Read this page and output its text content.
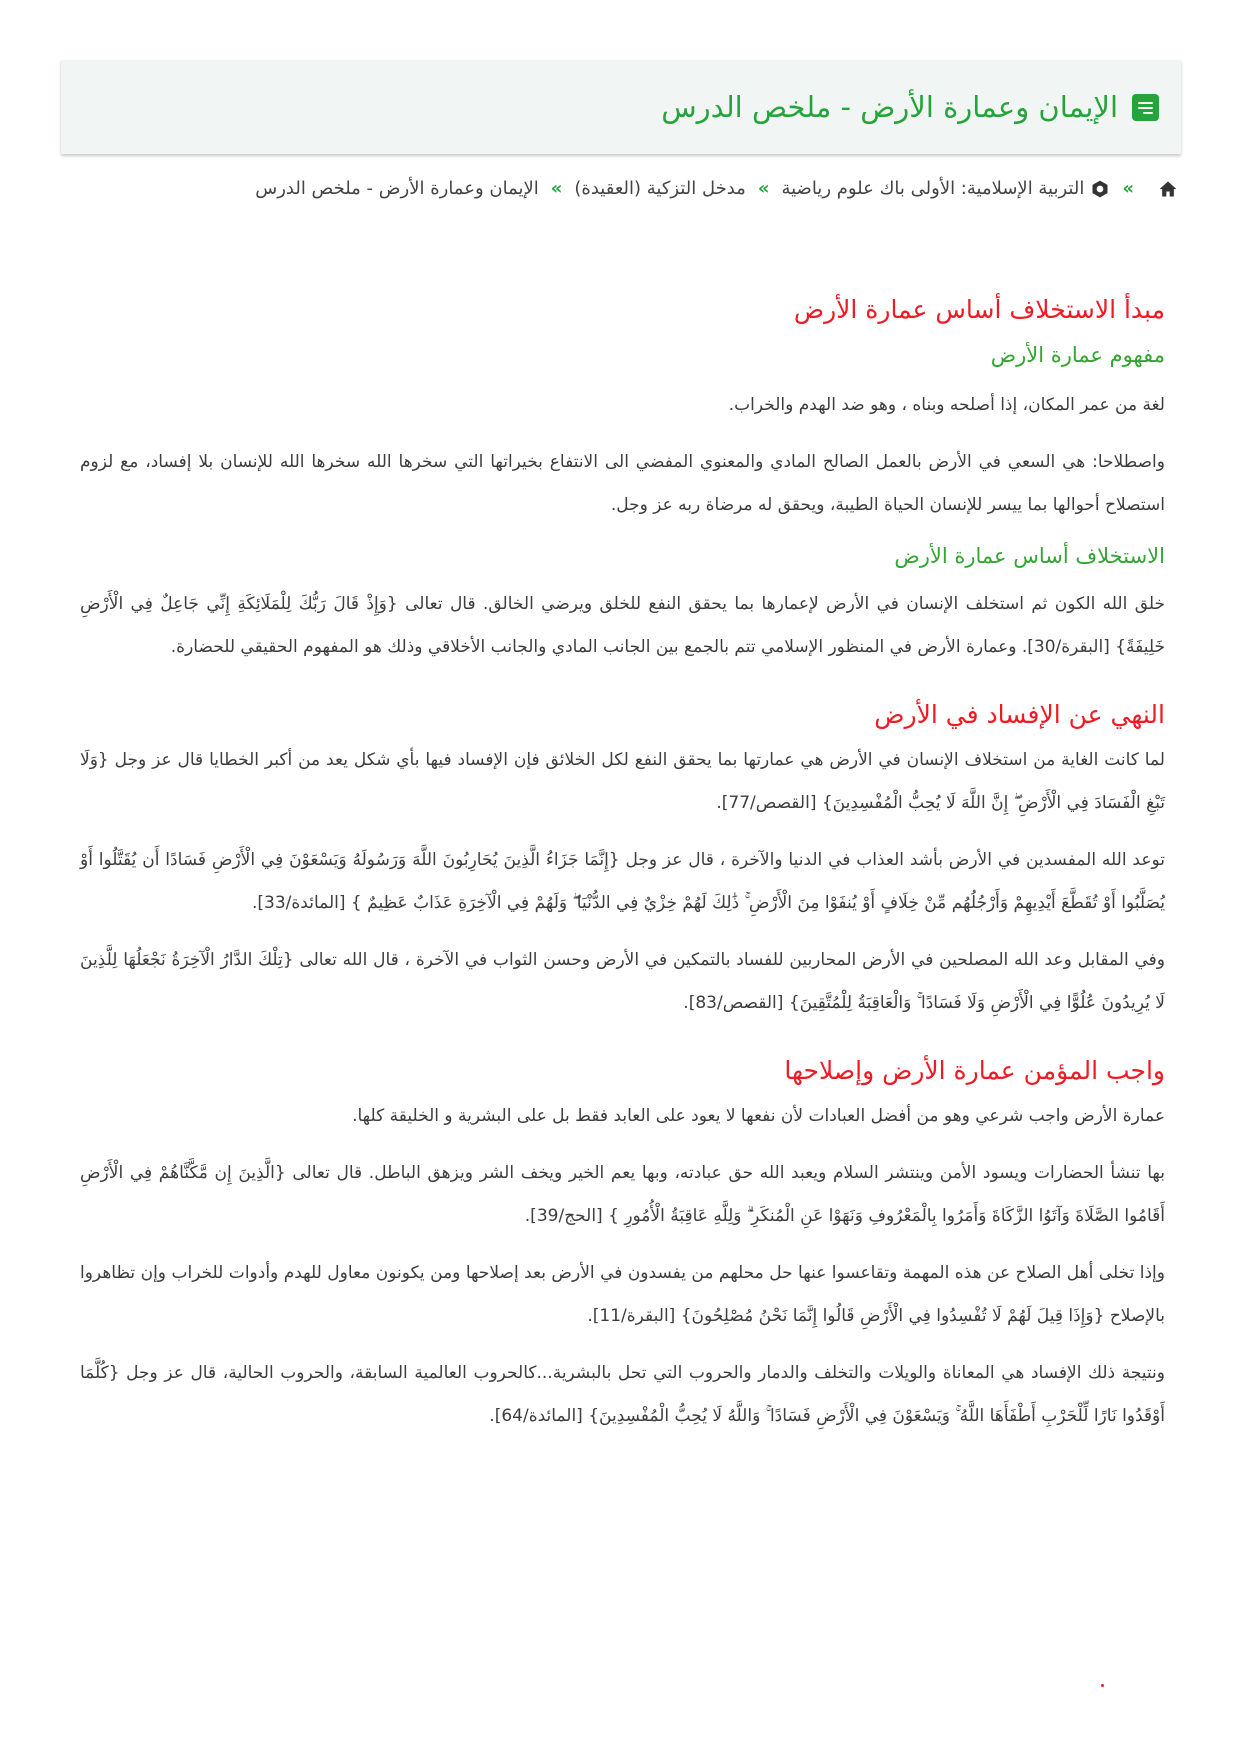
الإيمان وعمارة الأرض - ملخص الدرس
»
التربية الإسلامية: الأولى باك علوم رياضية
»
مدخل التزكية (العقيدة)
»
الإيمان وعمارة الأرض - ملخص الدرس
مبدأ الاستخلاف أساس عمارة الأرض
مفهوم عمارة الأرض

لغة من عمر المكان، إذا أصلحه وبناه ، وهو ضد الهدم والخراب.

واصطلاحا: هي السعي في الأرض بالعمل الصالح المادي والمعنوي المفضي الى الانتفاع بخيراتها التي سخرها الله سخرها الله للإنسان بلا إفساد، مع لزوم استصلاح أحوالها بما ييسر للإنسان الحياة الطيبة، ويحقق له مرضاة ربه عز وجل.

الاستخلاف أساس عمارة الأرض

خلق الله الكون ثم استخلف الإنسان في الأرض لإعمارها بما يحقق النفع للخلق ويرضي الخالق. قال تعالى {وَإِذْ قَالَ رَبُّكَ لِلْمَلَائِكَةِ إِنِّي جَاعِلٌ فِي الْأَرْضِ خَلِيفَةً} [البقرة/30]. وعمارة الأرض في المنظور الإسلامي تتم بالجمع بين الجانب المادي والجانب الأخلاقي وذلك هو المفهوم الحقيقي للحضارة.

النهي عن الإفساد في الأرض

لما كانت الغاية من استخلاف الإنسان في الأرض هي عمارتها بما يحقق النفع لكل الخلائق فإن الإفساد فيها بأي شكل يعد من أكبر الخطايا قال عز وجل {وَلَا تَبْغِ الْفَسَادَ فِي الْأَرْضِ ۖ إِنَّ اللَّهَ لَا يُحِبُّ الْمُفْسِدِينَ} [القصص/77].

توعد الله المفسدين في الأرض بأشد العذاب في الدنيا والآخرة ، قال عز وجل {إِنَّمَا جَزَاءُ الَّذِينَ يُحَارِبُونَ اللَّهَ وَرَسُولَهُ وَيَسْعَوْنَ فِي الْأَرْضِ فَسَادًا أَن يُقَتَّلُوا أَوْ يُصَلَّبُوا أَوْ تُقَطَّعَ أَيْدِيهِمْ وَأَرْجُلُهُم مِّنْ خِلَافٍ أَوْ يُنفَوْا مِنَ الْأَرْضِ ۚ ذَٰلِكَ لَهُمْ خِزْيٌ فِي الدُّنْيَا ۖ وَلَهُمْ فِي الْآخِرَةِ عَذَابٌ عَظِيمٌ } [المائدة/33].

وفي المقابل وعد الله المصلحين في الأرض المحاربين للفساد بالتمكين في الأرض وحسن الثواب في الآخرة ، قال الله تعالى {تِلْكَ الدَّارُ الْآخِرَةُ نَجْعَلُهَا لِلَّذِينَ لَا يُرِيدُونَ عُلُوًّا فِي الْأَرْضِ وَلَا فَسَادًا ۚ وَالْعَاقِبَةُ لِلْمُتَّقِينَ} [القصص/83].

واجب المؤمن عمارة الأرض وإصلاحها

عمارة الأرض واجب شرعي وهو من أفضل العبادات لأن نفعها لا يعود على العابد فقط بل على البشرية و الخليقة كلها.

بها تنشأ الحضارات ويسود الأمن وينتشر السلام ويعبد الله حق عبادته، وبها يعم الخير ويخف الشر ويزهق الباطل. قال تعالى {الَّذِينَ إِن مَّكَّنَّاهُمْ فِي الْأَرْضِ أَقَامُوا الصَّلَاةَ وَآتَوُا الزَّكَاةَ وَأَمَرُوا بِالْمَعْرُوفِ وَنَهَوْا عَنِ الْمُنكَرِ ۗ وَلِلَّهِ عَاقِبَةُ الْأُمُورِ } [الحج/39].

وإذا تخلى أهل الصلاح عن هذه المهمة وتقاعسوا عنها حل محلهم من يفسدون في الأرض بعد إصلاحها ومن يكونون معاول للهدم وأدوات للخراب وإن تظاهروا بالإصلاح {وَإِذَا قِيلَ لَهُمْ لَا تُفْسِدُوا فِي الْأَرْضِ قَالُوا إِنَّمَا نَحْنُ مُصْلِحُونَ} [البقرة/11].

ونتيجة ذلك الإفساد هي المعاناة والويلات والتخلف والدمار والحروب التي تحل بالبشرية...كالحروب العالمية السابقة، والحروب الحالية، قال عز وجل {كُلَّمَا أَوْقَدُوا نَارًا لِّلْحَرْبِ أَطْفَأَهَا اللَّهُ ۚ وَيَسْعَوْنَ فِي الْأَرْضِ فَسَادًا ۚ وَاللَّهُ لَا يُحِبُّ الْمُفْسِدِينَ} [المائدة/64].
